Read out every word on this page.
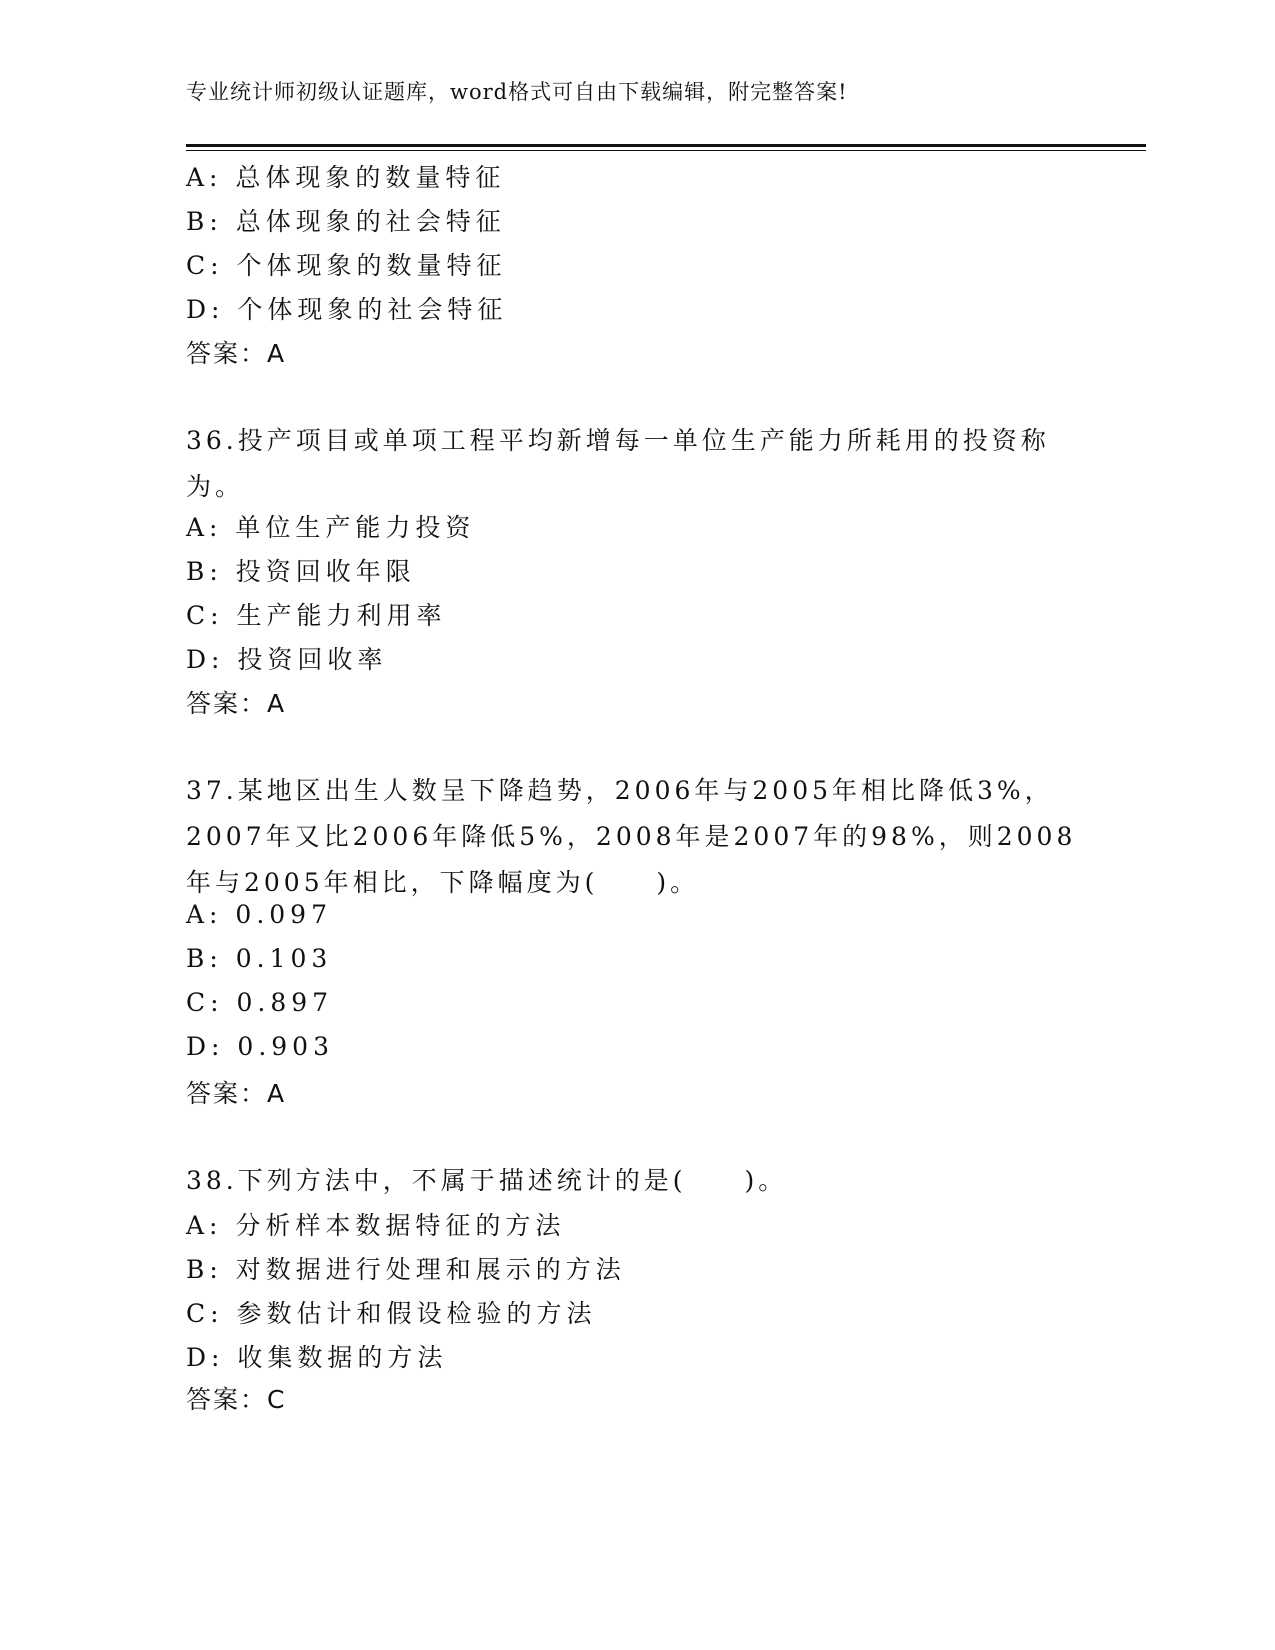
专业统计师初级认证题库，word格式可自由下载编辑，附完整答案!
A: 总体现象的数量特征
B: 总体现象的社会特征
C: 个体现象的数量特征
D: 个体现象的社会特征
答案：A
36.投产项目或单项工程平均新增每一单位生产能力所耗用的投资称为。
A: 单位生产能力投资
B: 投资回收年限
C: 生产能力利用率
D: 投资回收率
答案：A
37.某地区出生人数呈下降趋势，2006年与2005年相比降低3%，2007年又比2006年降低5%，2008年是2007年的98%，则2008年与2005年相比，下降幅度为(　　)。
A: 0.097
B: 0.103
C: 0.897
D: 0.903
答案：A
38.下列方法中，不属于描述统计的是(　　)。
A: 分析样本数据特征的方法
B: 对数据进行处理和展示的方法
C: 参数估计和假设检验的方法
D: 收集数据的方法
答案：C
